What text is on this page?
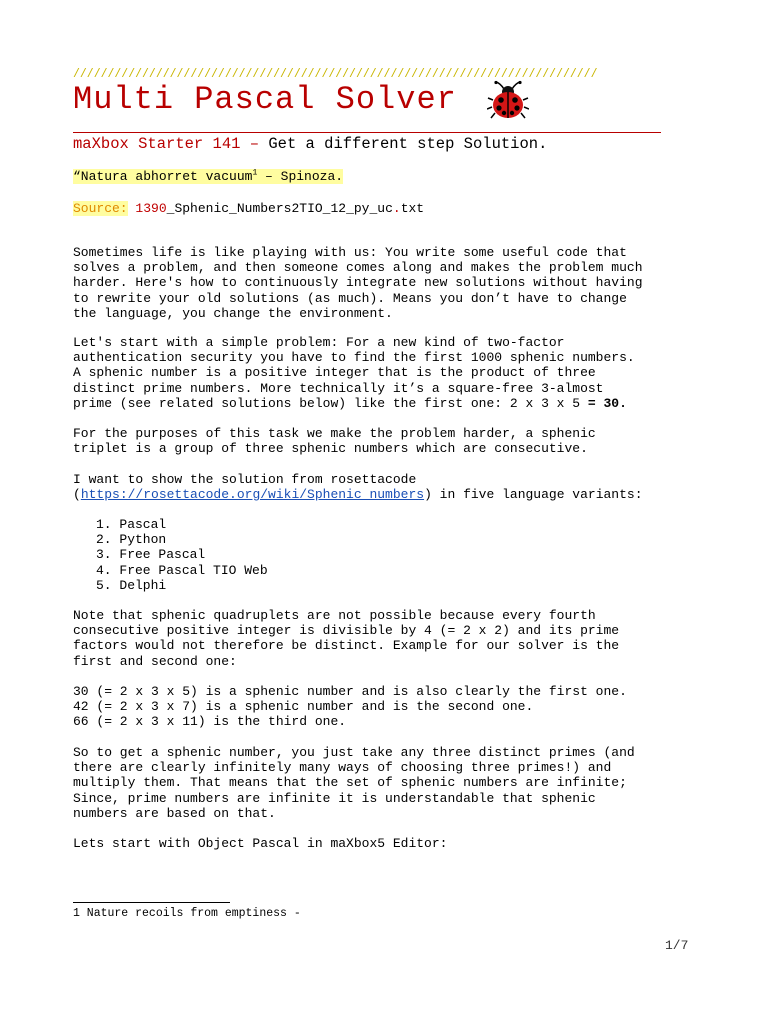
////////////////////////////////////////////////////////////////////////////
Multi Pascal Solver
maXbox Starter 141 – Get a different step Solution.
“Natura abhorret vacuum$^1$ – Spinoza.
Source: 1390_Sphenic_Numbers2TIO_12_py_uc.txt
Sometimes life is like playing with us: You write some useful code that
solves a problem, and then someone comes along and makes the problem much
harder. Here's how to continuously integrate new solutions without having
to rewrite your old solutions (as much). Means you don’t have to change
the language, you change the environment.
Let's start with a simple problem: For a new kind of two-factor
authentication security you have to find the first 1000 sphenic numbers.
A sphenic number is a positive integer that is the product of three
distinct prime numbers. More technically it’s a square-free 3-almost
prime (see related solutions below) like the first one: 2 x 3 x 5 = 30.
For the purposes of this task we make the problem harder, a sphenic
triplet is a group of three sphenic numbers which are consecutive.
I want to show the solution from rosettacode
(https://rosettacode.org/wiki/Sphenic_numbers) in five language variants:
1. Pascal
2. Python
3. Free Pascal
4. Free Pascal TIO Web
5. Delphi
Note that sphenic quadruplets are not possible because every fourth
consecutive positive integer is divisible by 4 (= 2 x 2) and its prime
factors would not therefore be distinct. Example for our solver is the
first and second one:
30 (= 2 x 3 x 5) is a sphenic number and is also clearly the first one.
42 (= 2 x 3 x 7) is a sphenic number and is the second one.
66 (= 2 x 3 x 11) is the third one.
So to get a sphenic number, you just take any three distinct primes (and
there are clearly infinitely many ways of choosing three primes!) and
multiply them. That means that the set of sphenic numbers are infinite;
Since, prime numbers are infinite it is understandable that sphenic
numbers are based on that.
Lets start with Object Pascal in maXbox5 Editor:
1 Nature recoils from emptiness -
1/7
